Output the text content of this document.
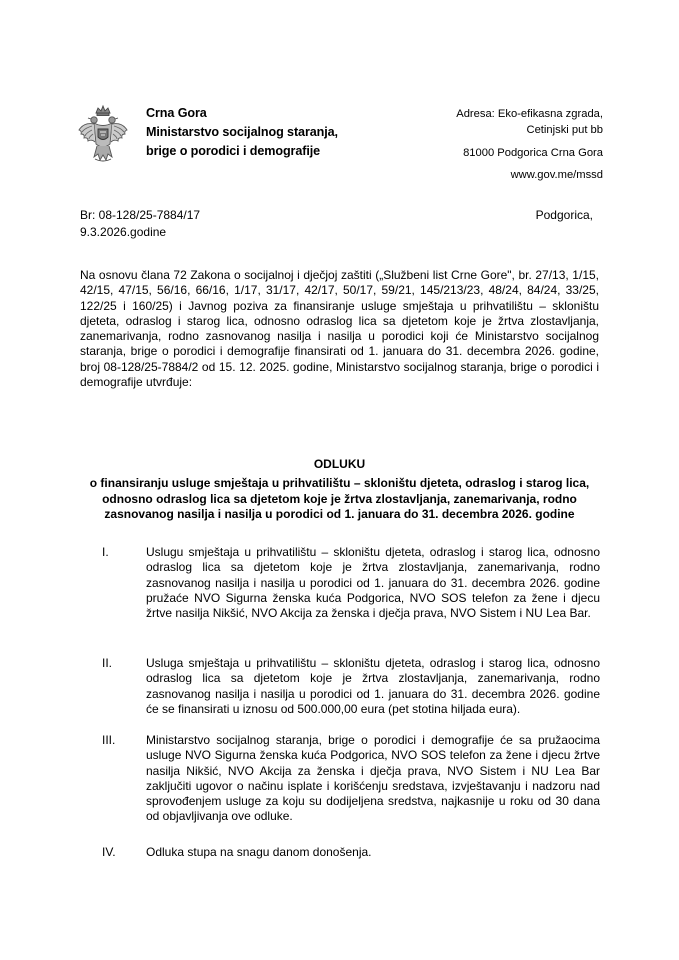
Crna Gora
Ministarstvo socijalnog staranja,
brige o porodici i demografije
Adresa: Eko-efikasna zgrada,
Cetinjski put bb
81000 Podgorica Crna Gora
www.gov.me/mssd
Br: 08-128/25-7884/17
9.3.2026.godine
Podgorica,
Na osnovu člana 72 Zakona o socijalnoj i dječjoj zaštiti („Službeni list Crne Gore", br. 27/13, 1/15, 42/15, 47/15, 56/16, 66/16, 1/17, 31/17, 42/17, 50/17, 59/21, 145/213/23, 48/24, 84/24, 33/25, 122/25 i 160/25) i Javnog poziva za finansiranje usluge smještaja u prihvatilištu – skloništu djeteta, odraslog i starog lica, odnosno odraslog lica sa djetetom koje je žrtva zlostavljanja, zanemarivanja, rodno zasnovanog nasilja i nasilja u porodici koji će Ministarstvo socijalnog staranja, brige o porodici i demografije finansirati od 1. januara do 31. decembra 2026. godine, broj 08-128/25-7884/2 od 15. 12. 2025. godine, Ministarstvo socijalnog staranja, brige o porodici i demografije utvrđuje:
ODLUKU
o finansiranju usluge smještaja u prihvatilištu – skloništu djeteta, odraslog i starog lica, odnosno odraslog lica sa djetetom koje je žrtva zlostavljanja, zanemarivanja, rodno zasnovanog nasilja i nasilja u porodici od 1. januara do 31. decembra 2026. godine
I.	Uslugu smještaja u prihvatilištu – skloništu djeteta, odraslog i starog lica, odnosno odraslog lica sa djetetom koje je žrtva zlostavljanja, zanemarivanja, rodno zasnovanog nasilja i nasilja u porodici od 1. januara do 31. decembra 2026. godine pružaće NVO Sigurna ženska kuća Podgorica, NVO SOS telefon za žene i djecu žrtve nasilja Nikšić, NVO Akcija za ženska i dječja prava, NVO Sistem i NU Lea Bar.
II.	Usluga smještaja u prihvatilištu – skloništu djeteta, odraslog i starog lica, odnosno odraslog lica sa djetetom koje je žrtva zlostavljanja, zanemarivanja, rodno zasnovanog nasilja i nasilja u porodici od 1. januara do 31. decembra 2026. godine će se finansirati u iznosu od 500.000,00 eura (pet stotina hiljada eura).
III.	Ministarstvo socijalnog staranja, brige o porodici i demografije će sa pružaocima usluge NVO Sigurna ženska kuća Podgorica, NVO SOS telefon za žene i djecu žrtve nasilja Nikšić, NVO Akcija za ženska i dječja prava, NVO Sistem i NU Lea Bar zaključiti ugovor o načinu isplate i korišćenju sredstava, izvještavanju i nadzoru nad sprovođenjem usluge za koju su dodijeljena sredstva, najkasnije u roku od 30 dana od objavljivanja ove odluke.
IV.	Odluka stupa na snagu danom donošenja.
